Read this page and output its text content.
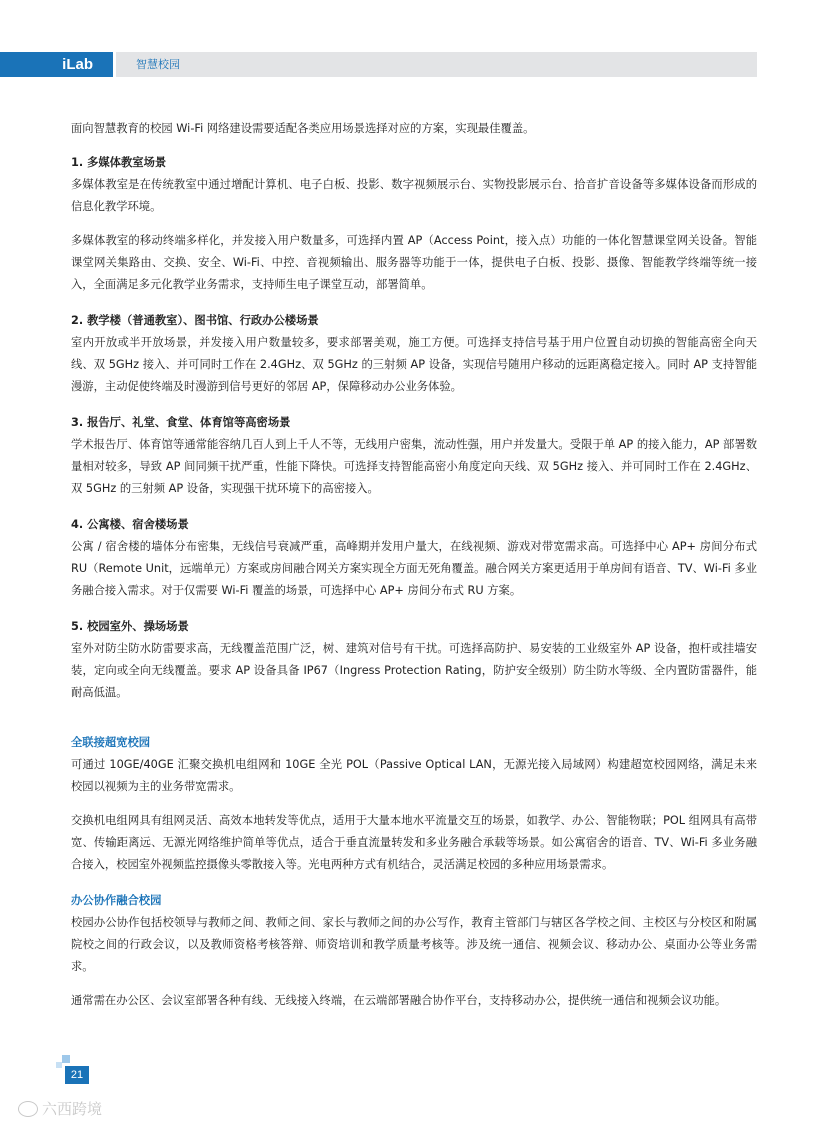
iLab	智慧校园

面向智慧教育的校园 Wi-Fi 网络建设需要适配各类应用场景选择对应的方案，实现最佳覆盖。

1. 多媒体教室场景

多媒体教室是在传统教室中通过增配计算机、电子白板、投影、数字视频展示台、实物投影展示台、拾音扩音设备等多媒体设备而形成的信息化教学环境。

多媒体教室的移动终端多样化，并发接入用户数量多，可选择内置 AP（Access Point，接入点）功能的一体化智慧课堂网关设备。智能课堂网关集路由、交换、安全、Wi-Fi、中控、音视频输出、服务器等功能于一体，提供电子白板、投影、摄像、智能教学终端等统一接入，全面满足多元化教学业务需求，支持师生电子课堂互动，部署简单。

2. 教学楼（普通教室）、图书馆、行政办公楼场景

室内开放或半开放场景，并发接入用户数量较多，要求部署美观，施工方便。可选择支持信号基于用户位置自动切换的智能高密全向天线、双 5GHz 接入、并可同时工作在 2.4GHz、双 5GHz 的三射频 AP 设备，实现信号随用户移动的远距离稳定接入。同时 AP 支持智能漫游，主动促使终端及时漫游到信号更好的邻居 AP，保障移动办公业务体验。

3. 报告厅、礼堂、食堂、体育馆等高密场景

学术报告厅、体育馆等通常能容纳几百人到上千人不等，无线用户密集，流动性强，用户并发量大。受限于单 AP 的接入能力，AP 部署数量相对较多，导致 AP 间同频干扰严重，性能下降快。可选择支持智能高密小角度定向天线、双 5GHz 接入、并可同时工作在 2.4GHz、双 5GHz 的三射频 AP 设备，实现强干扰环境下的高密接入。

4. 公寓楼、宿舍楼场景

公寓 / 宿舍楼的墙体分布密集，无线信号衰减严重，高峰期并发用户量大，在线视频、游戏对带宽需求高。可选择中心 AP+ 房间分布式 RU（Remote Unit，远端单元）方案或房间融合网关方案实现全方面无死角覆盖。融合网关方案更适用于单房间有语音、TV、Wi-Fi 多业务融合接入需求。对于仅需要 Wi-Fi 覆盖的场景，可选择中心 AP+ 房间分布式 RU 方案。

5. 校园室外、操场场景

室外对防尘防水防雷要求高，无线覆盖范围广泛，树、建筑对信号有干扰。可选择高防护、易安装的工业级室外 AP 设备，抱杆或挂墙安装，定向或全向无线覆盖。要求 AP 设备具备 IP67（Ingress Protection Rating，防护安全级别）防尘防水等级、全内置防雷器件，能耐高低温。

全联接超宽校园

可通过 10GE/40GE 汇聚交换机电组网和 10GE 全光 POL（Passive Optical LAN，无源光接入局域网）构建超宽校园网络，满足未来校园以视频为主的业务带宽需求。

交换机电组网具有组网灵活、高效本地转发等优点，适用于大量本地水平流量交互的场景，如教学、办公、智能物联；POL 组网具有高带宽、传输距离远、无源光网络维护简单等优点，适合于垂直流量转发和多业务融合承载等场景。如公寓宿舍的语音、TV、Wi-Fi 多业务融合接入，校园室外视频监控摄像头零散接入等。光电两种方式有机结合，灵活满足校园的多种应用场景需求。

办公协作融合校园

校园办公协作包括校领导与教师之间、教师之间、家长与教师之间的办公写作，教育主管部门与辖区各学校之间、主校区与分校区和附属院校之间的行政会议，以及教师资格考核答辩、师资培训和教学质量考核等。涉及统一通信、视频会议、移动办公、桌面办公等业务需求。

通常需在办公区、会议室部署各种有线、无线接入终端，在云端部署融合协作平台，支持移动办公，提供统一通信和视频会议功能。

21
六西跨境
